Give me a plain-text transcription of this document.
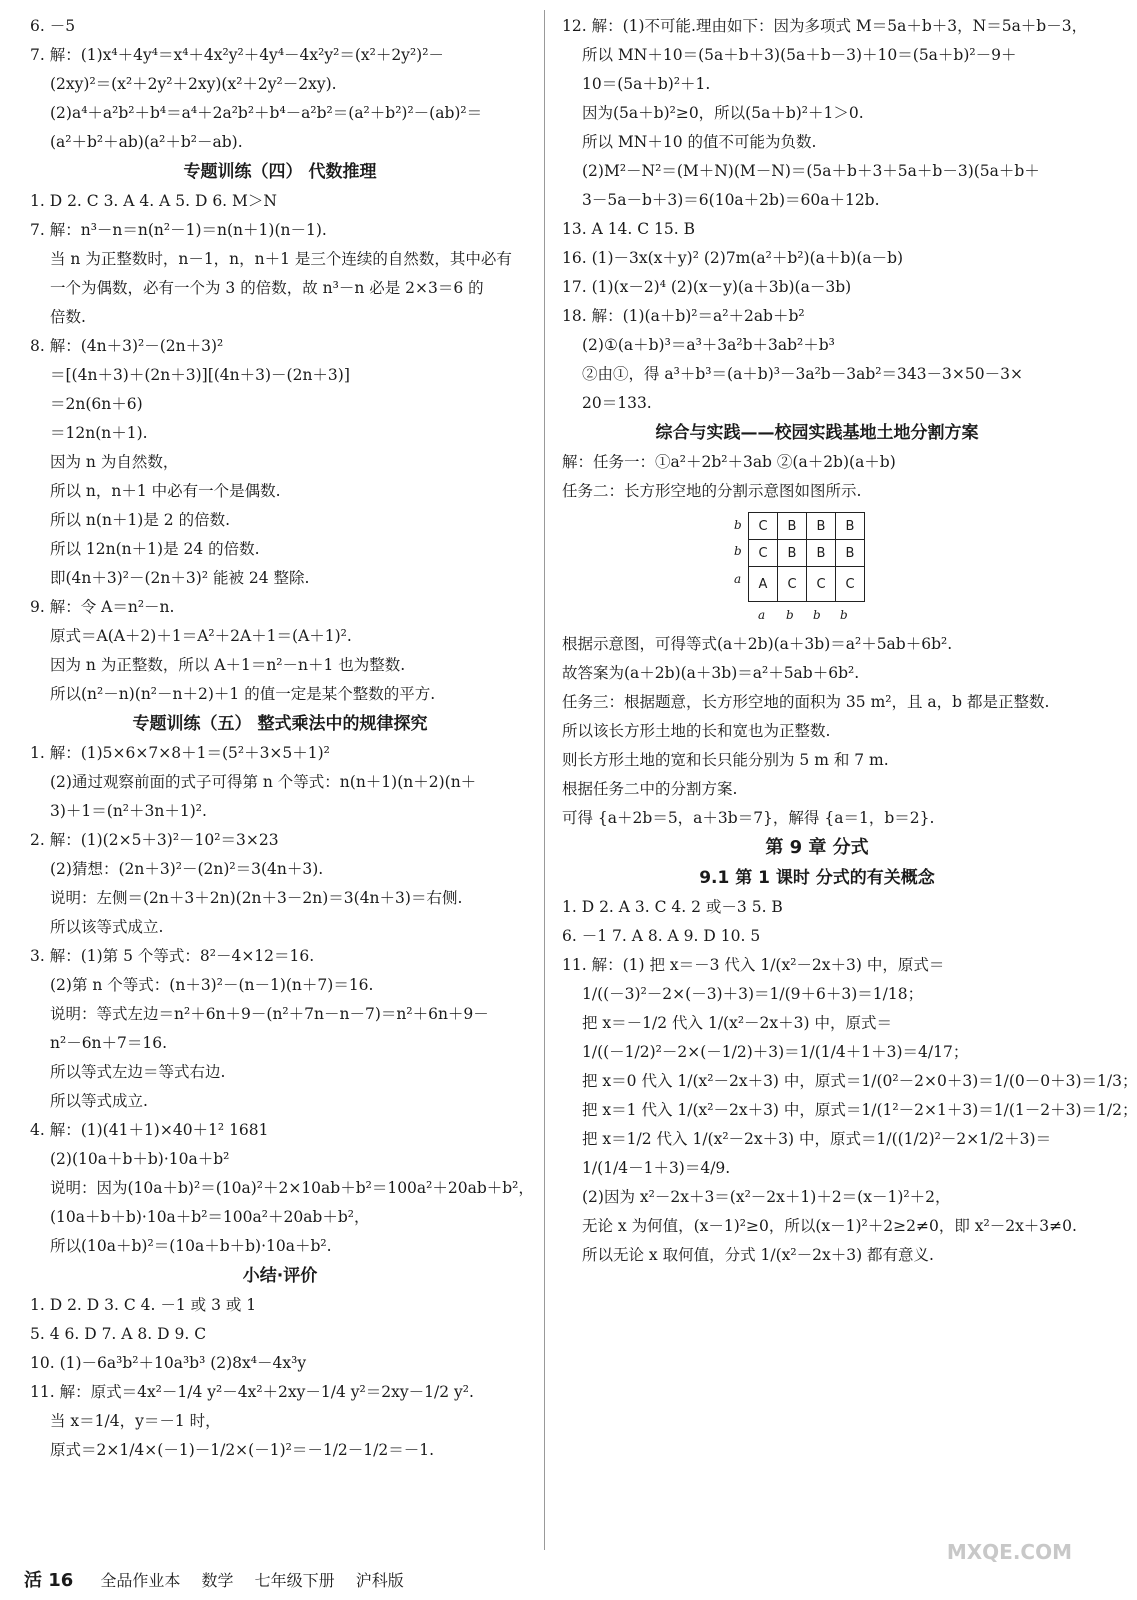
6. －5
7. 解：(1)x⁴＋4y⁴＝x⁴＋4x²y²＋4y⁴－4x²y²＝(x²＋2y²)²－
(2xy)²＝(x²＋2y²＋2xy)(x²＋2y²－2xy).
(2)a⁴＋a²b²＋b⁴＝a⁴＋2a²b²＋b⁴－a²b²＝(a²＋b²)²－(ab)²＝
(a²＋b²＋ab)(a²＋b²－ab).
专题训练（四） 代数推理
1. D 2. C 3. A 4. A 5. D 6. M＞N
7. 解：n³－n＝n(n²－1)＝n(n＋1)(n－1).
当 n 为正整数时，n－1，n，n＋1 是三个连续的自然数，其中必有
一个为偶数，必有一个为 3 的倍数，故 n³－n 必是 2×3＝6 的
倍数.
8. 解：(4n＋3)²－(2n＋3)²
＝[(4n＋3)＋(2n＋3)][(4n＋3)－(2n＋3)]
＝2n(6n＋6)
＝12n(n＋1).
因为 n 为自然数，
所以 n，n＋1 中必有一个是偶数.
所以 n(n＋1)是 2 的倍数.
所以 12n(n＋1)是 24 的倍数.
即(4n＋3)²－(2n＋3)² 能被 24 整除.
9. 解：令 A＝n²－n.
原式＝A(A＋2)＋1＝A²＋2A＋1＝(A＋1)².
因为 n 为正整数，所以 A＋1＝n²－n＋1 也为整数.
所以(n²－n)(n²－n＋2)＋1 的值一定是某个整数的平方.
专题训练（五） 整式乘法中的规律探究
1. 解：(1)5×6×7×8＋1＝(5²＋3×5＋1)²
(2)通过观察前面的式子可得第 n 个等式：n(n＋1)(n＋2)(n＋
3)＋1＝(n²＋3n＋1)².
2. 解：(1)(2×5＋3)²－10²＝3×23
(2)猜想：(2n＋3)²－(2n)²＝3(4n＋3).
说明：左侧＝(2n＋3＋2n)(2n＋3－2n)＝3(4n＋3)＝右侧.
所以该等式成立.
3. 解：(1)第 5 个等式：8²－4×12＝16.
(2)第 n 个等式：(n＋3)²－(n－1)(n＋7)＝16.
说明：等式左边＝n²＋6n＋9－(n²＋7n－n－7)＝n²＋6n＋9－
n²－6n＋7＝16.
所以等式左边＝等式右边.
所以等式成立.
4. 解：(1)(41＋1)×40＋1² 1681
(2)(10a＋b＋b)·10a＋b²
说明：因为(10a＋b)²＝(10a)²＋2×10ab＋b²＝100a²＋20ab＋b²，
(10a＋b＋b)·10a＋b²＝100a²＋20ab＋b²，
所以(10a＋b)²＝(10a＋b＋b)·10a＋b².
小结·评价
1. D 2. D 3. C 4. －1 或 3 或 1
5. 4 6. D 7. A 8. D 9. C
10. (1)－6a³b²＋10a³b³ (2)8x⁴－4x³y
11. 解：原式＝4x²－1/4 y²－4x²＋2xy－1/4 y²＝2xy－1/2 y².
当 x＝1/4，y＝－1 时，
原式＝2×1/4×(－1)－1/2×(－1)²＝－1/2－1/2＝－1.
12. 解：(1)不可能.理由如下：因为多项式 M＝5a＋b＋3，N＝5a＋b－3，
所以 MN＋10＝(5a＋b＋3)(5a＋b－3)＋10＝(5a＋b)²－9＋
10＝(5a＋b)²＋1.
因为(5a＋b)²≥0，所以(5a＋b)²＋1＞0.
所以 MN＋10 的值不可能为负数.
(2)M²－N²＝(M＋N)(M－N)＝(5a＋b＋3＋5a＋b－3)(5a＋b＋
3－5a－b＋3)＝6(10a＋2b)＝60a＋12b.
13. A 14. C 15. B
16. (1)－3x(x＋y)² (2)7m(a²＋b²)(a＋b)(a－b)
17. (1)(x－2)⁴ (2)(x－y)(a＋3b)(a－3b)
18. 解：(1)(a＋b)²＝a²＋2ab＋b²
(2)①(a＋b)³＝a³＋3a²b＋3ab²＋b³
②由①，得 a³＋b³＝(a＋b)³－3a²b－3ab²＝343－3×50－3×
20＝133.
综合与实践——校园实践基地土地分割方案
解：任务一：①a²＋2b²＋3ab ②(a＋2b)(a＋b)
任务二：长方形空地的分割示意图如图所示.
b
b
a
C	B	B	B
C	B	B	B
A	C	C	C
a b b b
根据示意图，可得等式(a＋2b)(a＋3b)＝a²＋5ab＋6b².
故答案为(a＋2b)(a＋3b)＝a²＋5ab＋6b².
任务三：根据题意，长方形空地的面积为 35 m²，且 a，b 都是正整数.
所以该长方形土地的长和宽也为正整数.
则长方形土地的宽和长只能分别为 5 m 和 7 m.
根据任务二中的分割方案.
可得 {a＋2b＝5，a＋3b＝7}，解得 {a＝1，b＝2}.
第 9 章 分式
9.1 第 1 课时 分式的有关概念
1. D 2. A 3. C 4. 2 或－3 5. B
6. －1 7. A 8. A 9. D 10. 5
11. 解：(1) 把 x＝－3 代入 1/(x²－2x＋3) 中，原式＝
1/((－3)²－2×(－3)＋3)＝1/(9＋6＋3)＝1/18；
把 x＝－1/2 代入 1/(x²－2x＋3) 中，原式＝
1/((－1/2)²－2×(－1/2)＋3)＝1/(1/4＋1＋3)＝4/17；
把 x＝0 代入 1/(x²－2x＋3) 中，原式＝1/(0²－2×0＋3)＝1/(0－0＋3)＝1/3；
把 x＝1 代入 1/(x²－2x＋3) 中，原式＝1/(1²－2×1＋3)＝1/(1－2＋3)＝1/2；
把 x＝1/2 代入 1/(x²－2x＋3) 中，原式＝1/((1/2)²－2×1/2＋3)＝
1/(1/4－1＋3)＝4/9.
(2)因为 x²－2x＋3＝(x²－2x＋1)＋2＝(x－1)²＋2，
无论 x 为何值，(x－1)²≥0，所以(x－1)²＋2≥2≠0，即 x²－2x＋3≠0.
所以无论 x 取何值，分式 1/(x²－2x＋3) 都有意义.
活 16 全品作业本 数学 七年级下册 沪科版
MXQE.COM
